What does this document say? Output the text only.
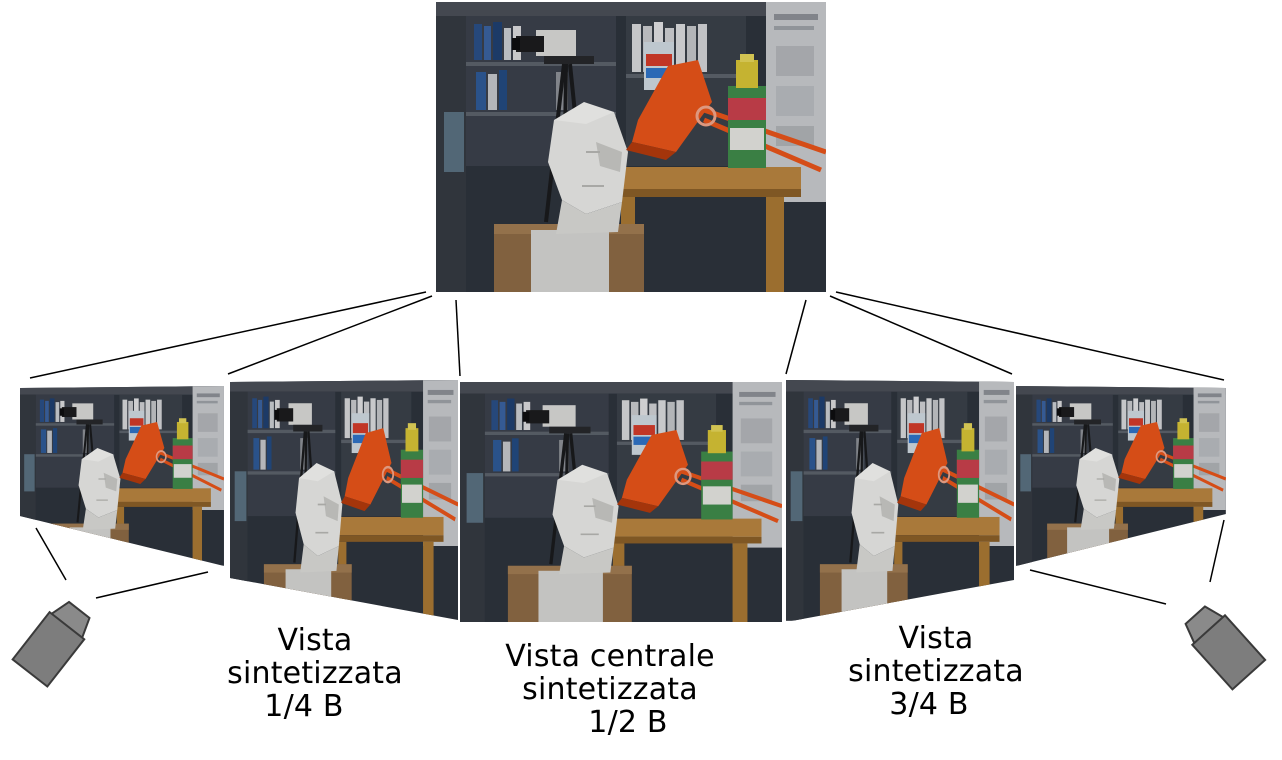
Vista
sintetizzata
1/4 B
Vista centrale
sintetizzata
1/2 B
Vista
sintetizzata
3/4 B
